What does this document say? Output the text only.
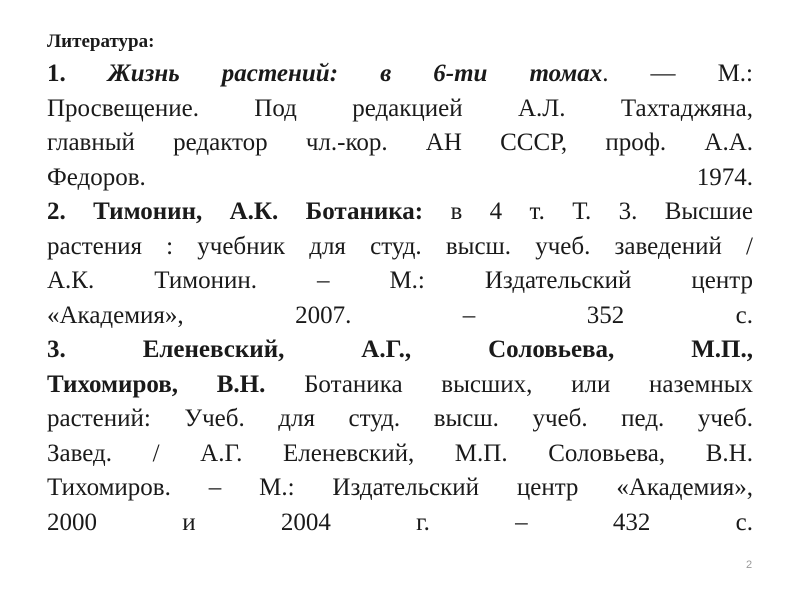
Литература:
1. Жизнь растений: в 6-ти томах. — М.:
Просвещение. Под редакцией А.Л. Тахтаджяна,
главный редактор чл.-кор. АН СССР, проф. А.А.
Федоров.	1974.
2. Тимонин, А.К. Ботаника: в 4 т. Т. 3. Высшие
растения : учебник для студ. высш. учеб. заведений /
А.К. Тимонин. – М.: Издательский центр
«Академия», 2007. – 352 с.
3.	Еленевский, А.Г., Соловьева, М.П.,
Тихомиров, В.Н. Ботаника высших, или наземных
растений: Учеб. для студ. высш. учеб. пед. учеб.
Завед. / А.Г. Еленевский, М.П. Соловьева, В.Н.
Тихомиров. – М.: Издательский центр «Академия»,
2000 и 2004 г. – 432 с.
2
